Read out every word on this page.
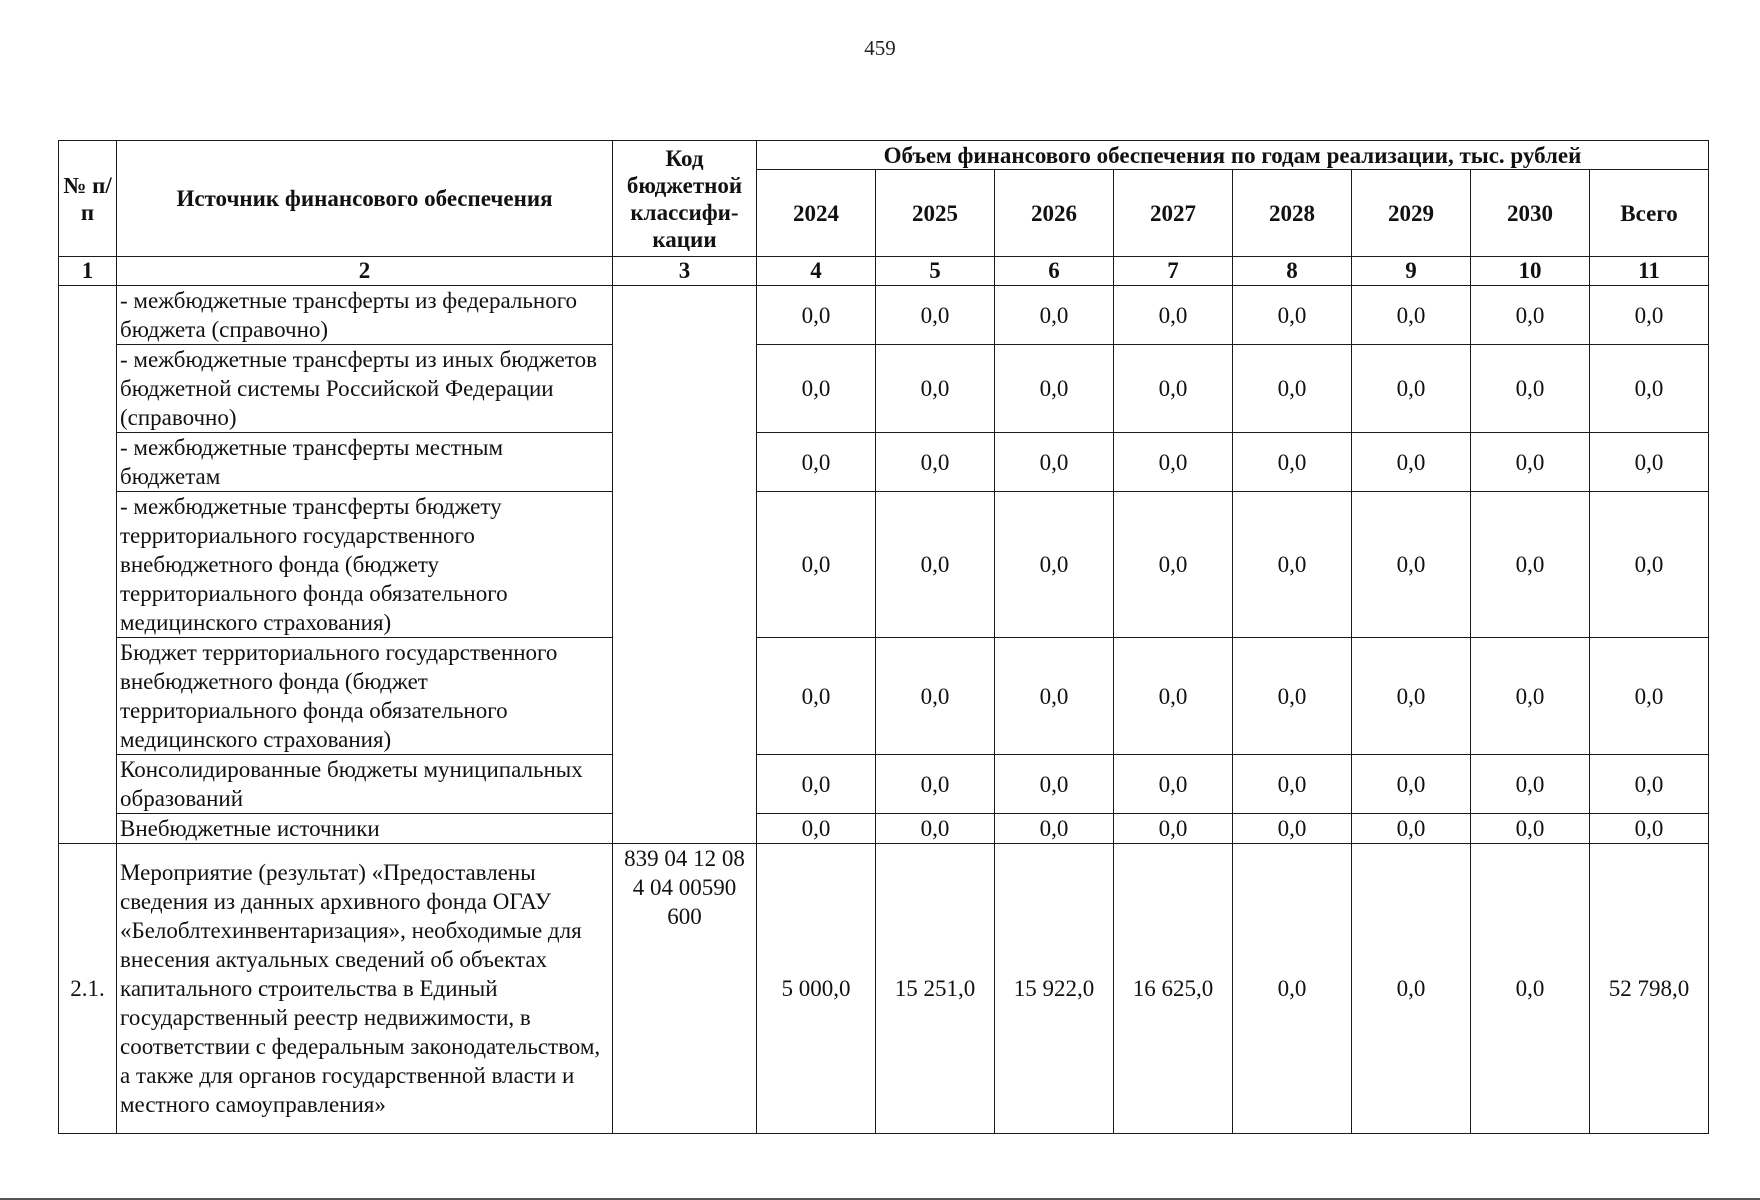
459
№ п/п	Источник финансового обеспечения	Код бюджетной классифи-кации	Объем финансового обеспечения по годам реализации, тыс. рублей							
			2024	2025	2026	2027	2028	2029	2030	Всего
1	2	3	4	5	6	7	8	9	10	11
	- межбюджетные трансферты из федерального бюджета (справочно)		0,0	0,0	0,0	0,0	0,0	0,0	0,0	0,0
	- межбюджетные трансферты из иных бюджетов бюджетной системы Российской Федерации (справочно)		0,0	0,0	0,0	0,0	0,0	0,0	0,0	0,0
	- межбюджетные трансферты местным бюджетам		0,0	0,0	0,0	0,0	0,0	0,0	0,0	0,0
	- межбюджетные трансферты бюджету территориального государственного внебюджетного фонда (бюджету территориального фонда обязательного медицинского страхования)		0,0	0,0	0,0	0,0	0,0	0,0	0,0	0,0
	Бюджет территориального государственного внебюджетного фонда (бюджет территориального фонда обязательного медицинского страхования)		0,0	0,0	0,0	0,0	0,0	0,0	0,0	0,0
	Консолидированные бюджеты муниципальных образований		0,0	0,0	0,0	0,0	0,0	0,0	0,0	0,0
	Внебюджетные источники		0,0	0,0	0,0	0,0	0,0	0,0	0,0	0,0
2.1.	Мероприятие (результат) «Предоставлены сведения из данных архивного фонда ОГАУ «Белоблтехинвентаризация», необходимые для внесения актуальных сведений об объектах капитального строительства в Единый государственный реестр недвижимости, в соответствии с федеральным законодательством, а также для органов государственной власти и местного самоуправления»	839 04 12 08 4 04 00590 600	5 000,0	15 251,0	15 922,0	16 625,0	0,0	0,0	0,0	52 798,0
